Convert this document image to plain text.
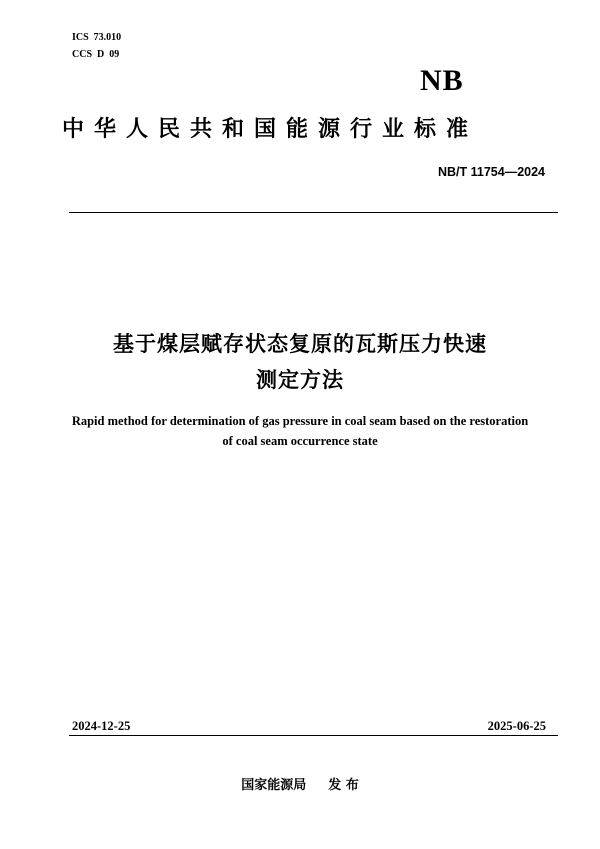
ICS  73.010
CCS  D  09
NB
中华人民共和国能源行业标准
NB/T 11754—2024
基于煤层赋存状态复原的瓦斯压力快速
测定方法
Rapid method for determination of gas pressure in coal seam based on the restoration
of coal seam occurrence state
2024-12-25	2025-06-25
国家能源局 发 布
